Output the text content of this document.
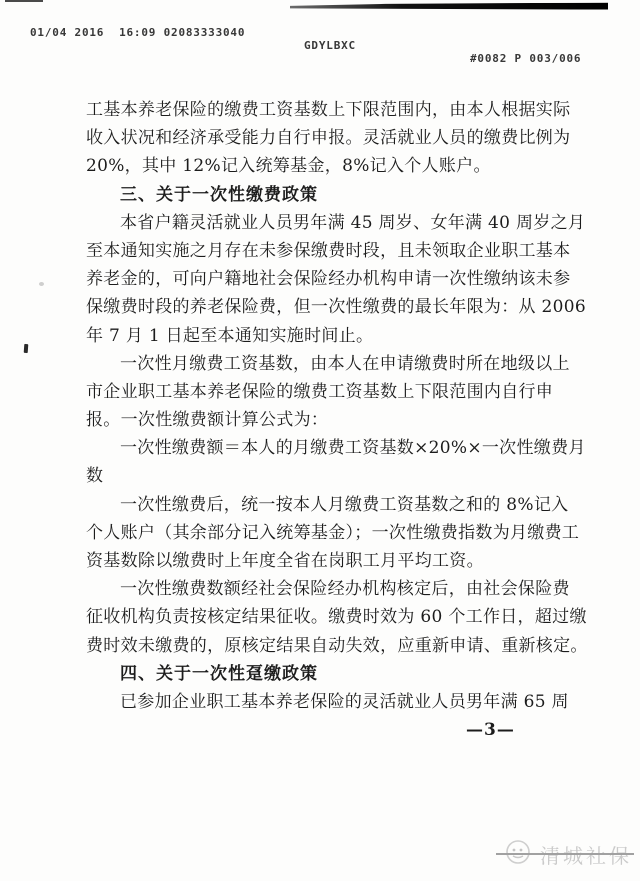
01/04 2016  16:09 02083333040

GDYLBXC

#0082 P 003/006

工基本养老保险的缴费工资基数上下限范围内，由本人根据实际
收入状况和经济承受能力自行申报。灵活就业人员的缴费比例为
20%，其中 12%记入统筹基金，8%记入个人账户。
三、关于一次性缴费政策
本省户籍灵活就业人员男年满 45 周岁、女年满 40 周岁之月
至本通知实施之月存在未参保缴费时段，且未领取企业职工基本
养老金的，可向户籍地社会保险经办机构申请一次性缴纳该未参
保缴费时段的养老保险费，但一次性缴费的最长年限为：从 2006
年 7 月 1 日起至本通知实施时间止。
一次性月缴费工资基数，由本人在申请缴费时所在地级以上
市企业职工基本养老保险的缴费工资基数上下限范围内自行申
报。一次性缴费额计算公式为：
一次性缴费额＝本人的月缴费工资基数×20%×一次性缴费月
数
一次性缴费后，统一按本人月缴费工资基数之和的 8%记入
个人账户（其余部分记入统筹基金）；一次性缴费指数为月缴费工
资基数除以缴费时上年度全省在岗职工月平均工资。
一次性缴费数额经社会保险经办机构核定后，由社会保险费
征收机构负责按核定结果征收。缴费时效为 60 个工作日，超过缴
费时效未缴费的，原核定结果自动失效，应重新申请、重新核定。
四、关于一次性趸缴政策
已参加企业职工基本养老保险的灵活就业人员男年满 65 周
—3—
清城社保
